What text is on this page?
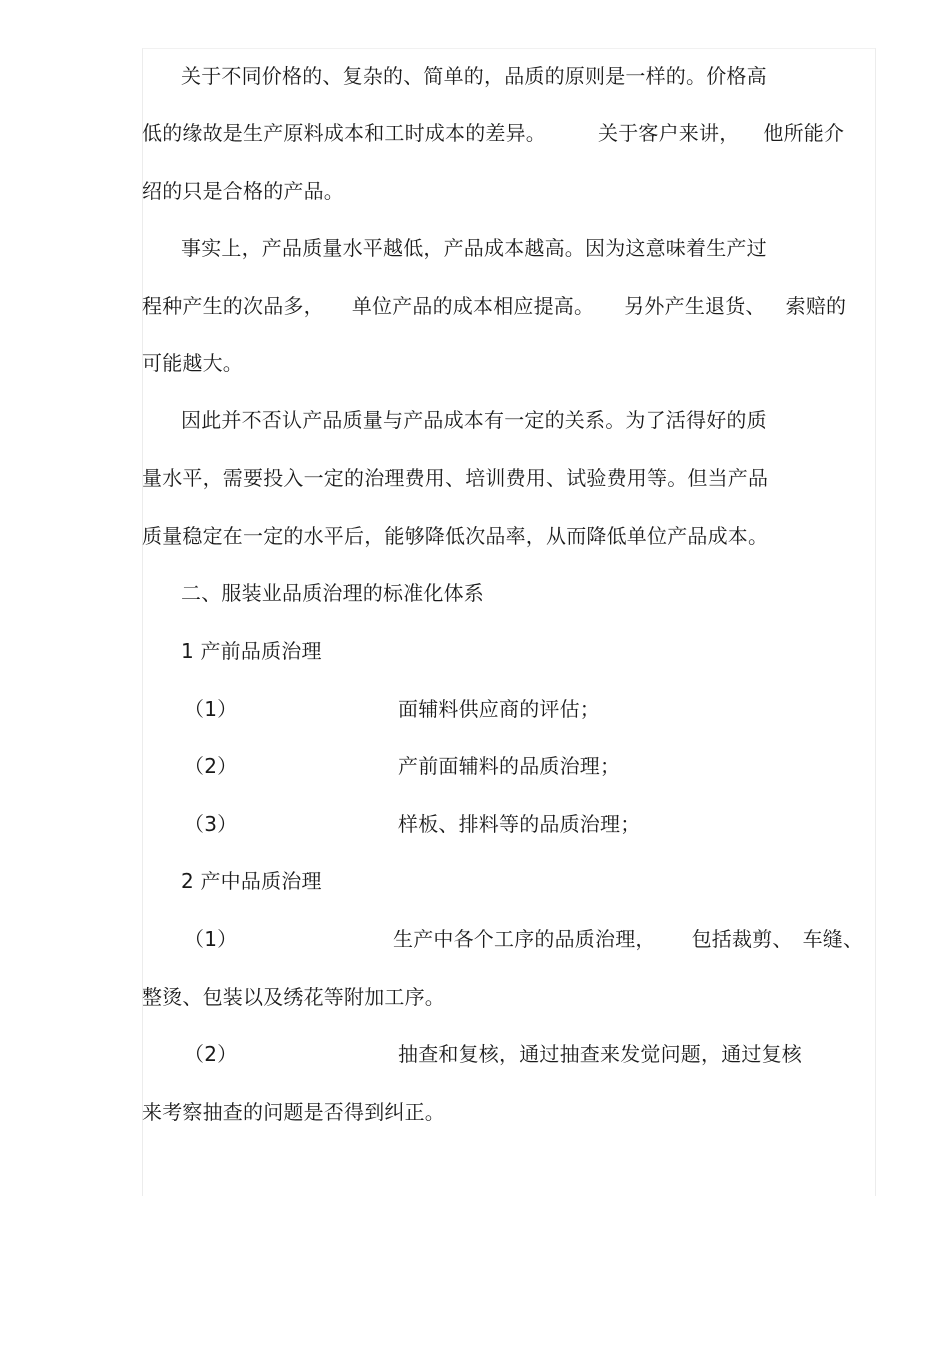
关于不同价格的、复杂的、简单的，品质的原则是一样的。价格高
低的缘故是生产原料成本和工时成本的差异。	关于客户来讲， 他所能介
绍的只是合格的产品。
事实上，产品质量水平越低，产品成本越高。因为这意味着生产过
程种产生的次品多， 单位产品的成本相应提高。 另外产生退货、 索赔的
可能越大。
因此并不否认产品质量与产品成本有一定的关系。为了活得好的质
量水平，需要投入一定的治理费用、培训费用、试验费用等。但当产品
质量稳定在一定的水平后，能够降低次品率，从而降低单位产品成本。
二、服装业品质治理的标准化体系
1 产前品质治理
（1）	面辅料供应商的评估；
（2）	产前面辅料的品质治理；
（3）	样板、排料等的品质治理；
2 产中品质治理
（1）	生产中各个工序的品质治理， 包括裁剪、 车缝、
整烫、包装以及绣花等附加工序。
（2）	抽查和复核，通过抽查来发觉问题，通过复核
来考察抽查的问题是否得到纠正。
